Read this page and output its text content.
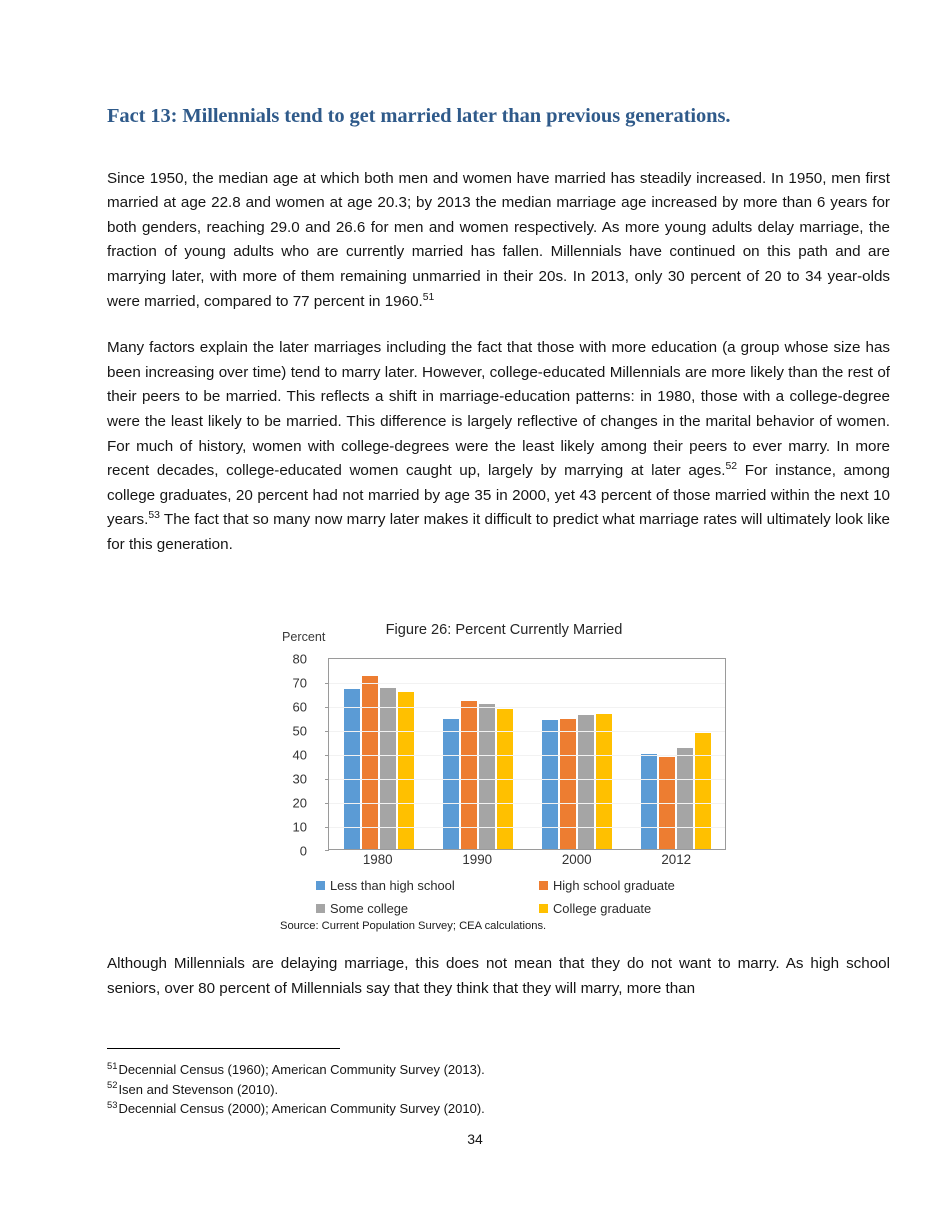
Fact 13: Millennials tend to get married later than previous generations.

Since 1950, the median age at which both men and women have married has steadily increased. In 1950, men first married at age 22.8 and women at age 20.3; by 2013 the median marriage age increased by more than 6 years for both genders, reaching 29.0 and 26.6 for men and women respectively. As more young adults delay marriage, the fraction of young adults who are currently married has fallen. Millennials have continued on this path and are marrying later, with more of them remaining unmarried in their 20s. In 2013, only 30 percent of 20 to 34 year-olds were married, compared to 77 percent in 1960.51

Many factors explain the later marriages including the fact that those with more education (a group whose size has been increasing over time) tend to marry later. However, college-educated Millennials are more likely than the rest of their peers to be married. This reflects a shift in marriage-education patterns: in 1980, those with a college-degree were the least likely to be married. This difference is largely reflective of changes in the marital behavior of women. For much of history, women with college-degrees were the least likely among their peers to ever marry. In more recent decades, college-educated women caught up, largely by marrying at later ages.$^{52}$ For instance, among college graduates, 20 percent had not married by age 35 in 2000, yet 43 percent of those married within the next 10 years.$^{53}$ The fact that so many now marry later makes it difficult to predict what marriage rates will ultimately look like for this generation.

Figure 26: Percent Currently Married

Percent
0
10
20
30
40
50
60
70
80
1980	1990	2000	2012
Less than high school	High school graduate
Some college	College graduate
Source: Current Population Survey; CEA calculations.

Although Millennials are delaying marriage, this does not mean that they do not want to marry. As high school seniors, over 80 percent of Millennials say that they think that they will marry, more than

$^{51}$Decennial Census (1960); American Community Survey (2013).
$^{52}$Isen and Stevenson (2010).
$^{53}$Decennial Census (2000); American Community Survey (2010).
34
